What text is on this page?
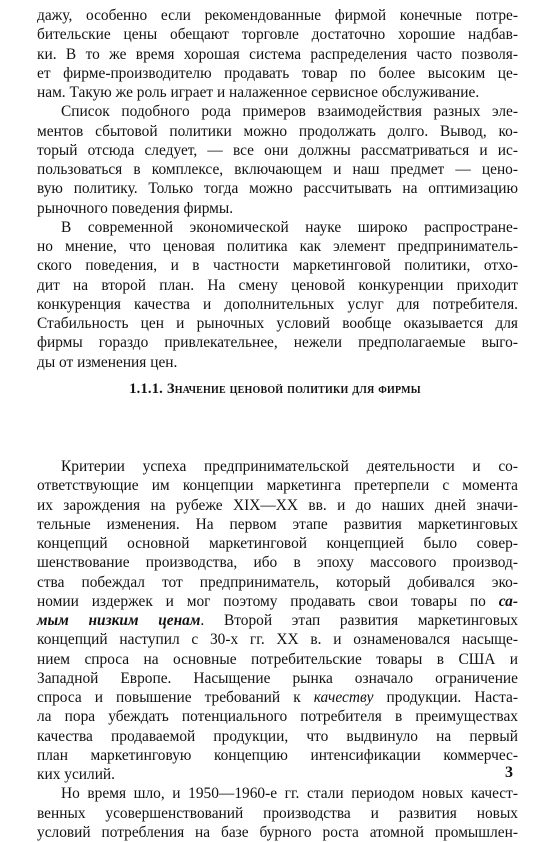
дажу, особенно если рекомендованные фирмой конечные потре-
бительские цены обещают торговле достаточно хорошие надбав-
ки. В то же время хорошая система распределения часто позволя-
ет фирме-производителю продавать товар по более высоким це-
нам. Такую же роль играет и налаженное сервисное обслуживание.
Список подобного рода примеров взаимодействия разных эле-
ментов сбытовой политики можно продолжать долго. Вывод, ко-
торый отсюда следует, — все они должны рассматриваться и ис-
пользоваться в комплексе, включающем и наш предмет — цено-
вую политику. Только тогда можно рассчитывать на оптимизацию
рыночного поведения фирмы.
В современной экономической науке широко распростране-
но мнение, что ценовая политика как элемент предприниматель-
ского поведения, и в частности маркетинговой политики, отхо-
дит на второй план. На смену ценовой конкуренции приходит
конкуренция качества и дополнительных услуг для потребителя.
Стабильность цен и рыночных условий вообще оказывается для
фирмы гораздо привлекательнее, нежели предполагаемые выго-
ды от изменения цен.
1.1.1. Значение ценовой политики для фирмы
Критерии успеха предпринимательской деятельности и со-
ответствующие им концепции маркетинга претерпели с момента
их зарождения на рубеже XIX—XX вв. и до наших дней значи-
тельные изменения. На первом этапе развития маркетинговых
концепций основной маркетинговой концепцией было совер-
шенствование производства, ибо в эпоху массового производ-
ства побеждал тот предприниматель, который добивался эко-
номии издержек и мог поэтому продавать свои товары по са-
мым низким ценам. Второй этап развития маркетинговых
концепций наступил с 30-х гг. XX в. и ознаменовался насыще-
нием спроса на основные потребительские товары в США и
Западной Европе. Насыщение рынка означало ограничение
спроса и повышение требований к качеству продукции. Наста-
ла пора убеждать потенциального потребителя в преимуществах
качества продаваемой продукции, что выдвинуло на первый
план маркетинговую концепцию интенсификации коммерчес-
ких усилий.
Но время шло, и 1950—1960-е гг. стали периодом новых качест-
венных усовершенствований производства и развития новых
условий потребления на базе бурного роста атомной промышлен-
3
